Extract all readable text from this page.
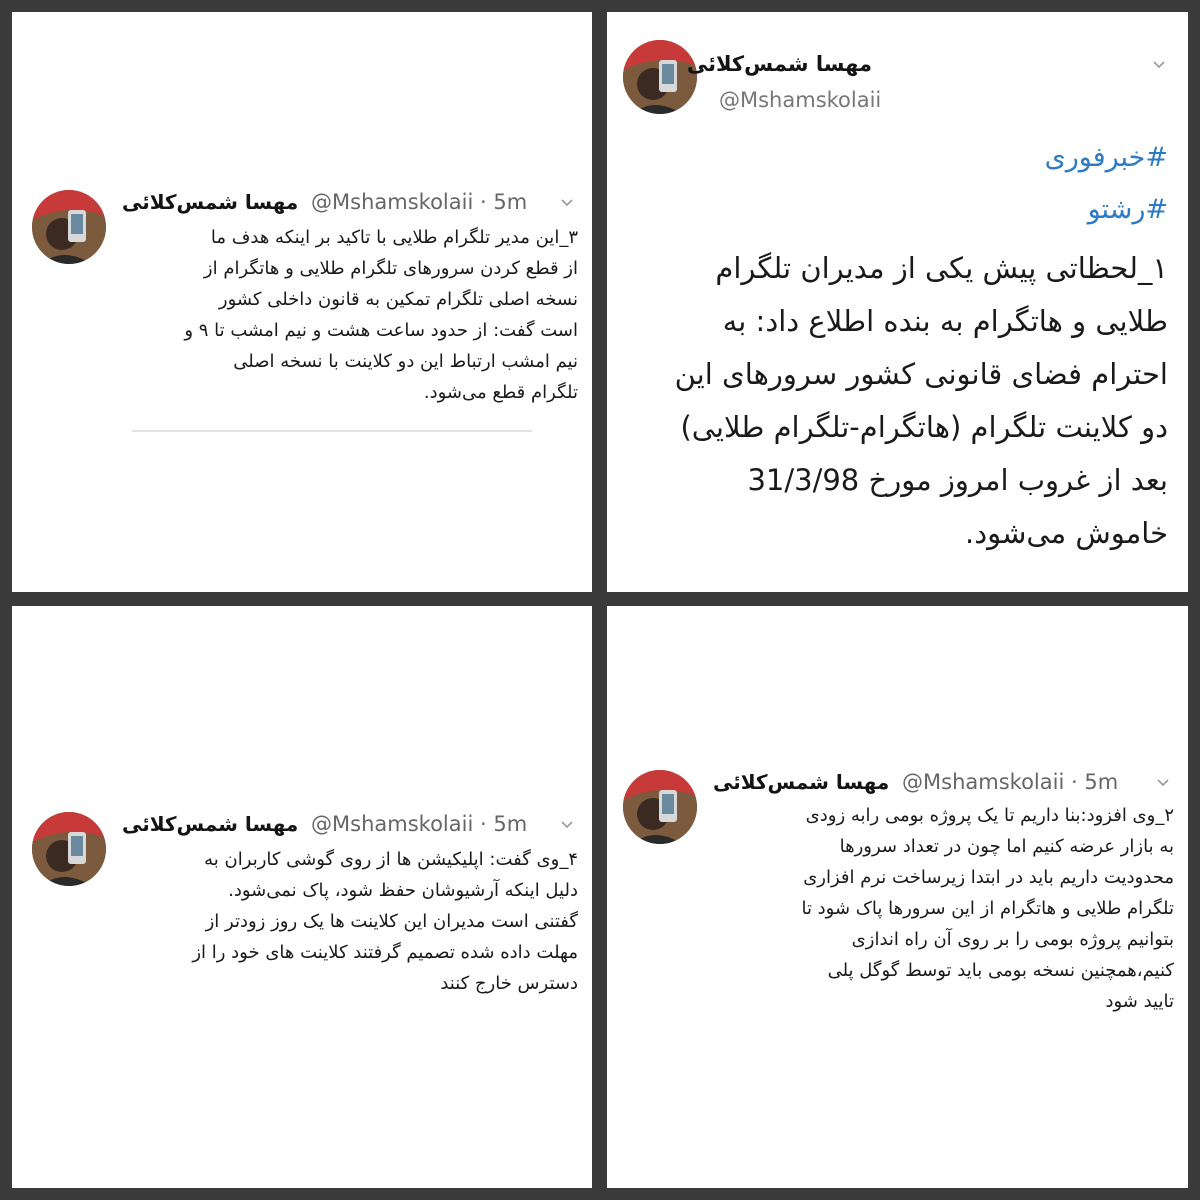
مهسا شمس‌کلائی
@Mshamskolaii
#خبرفوری
#رشتو

۱_لحظاتی پیش یکی از مدیران تلگرام

طلایی و هاتگرام به بنده اطلاع داد: به

احترام فضای قانونی کشور سرورهای این

دو کلاینت تلگرام (هاتگرام-تلگرام طلایی)

بعد از غروب امروز مورخ 31/3/98

خاموش می‌شود.

مهسا شمس‌کلائی @Mshamskolaii · 5m

۳_این مدیر تلگرام طلایی با تاکید بر اینکه هدف ما

از قطع کردن سرورهای تلگرام طلایی و هاتگرام از

نسخه اصلی تلگرام تمکین به قانون داخلی کشور

است گفت: از حدود ساعت هشت و نیم امشب تا ۹ و

نیم امشب ارتباط این دو کلاینت با نسخه اصلی

تلگرام قطع می‌شود.

مهسا شمس‌کلائی @Mshamskolaii · 5m

۴_وی گفت: اپلیکیشن ها از روی گوشی کاربران به

دلیل اینکه آرشیوشان حفظ شود، پاک نمی‌شود.

گفتنی است مدیران این کلاینت ها یک روز زودتر از

مهلت داده شده تصمیم گرفتند کلاینت های خود را از

دسترس خارج کنند

مهسا شمس‌کلائی @Mshamskolaii · 5m

۲_وی افزود:بنا داریم تا یک پروژه بومی رابه زودی

به بازار عرضه کنیم اما چون در تعداد سرورها

محدودیت داریم باید در ابتدا زیرساخت نرم افزاری

تلگرام طلایی و هاتگرام از این سرورها پاک شود تا

بتوانیم پروژه بومی را بر روی آن راه اندازی

کنیم،همچنین نسخه بومی باید توسط گوگل پلی

تایید شود
